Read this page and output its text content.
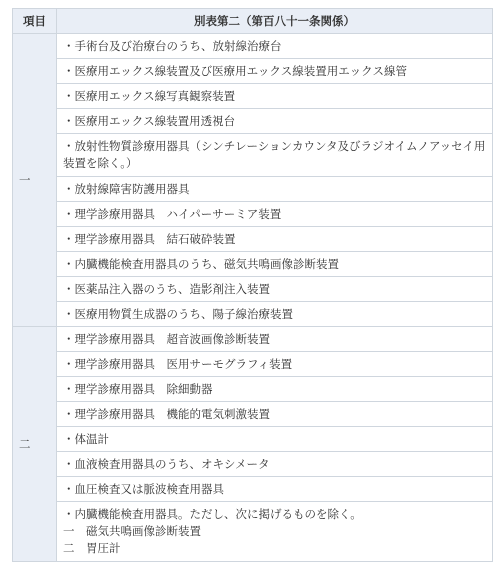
項目	別表第二（第百八十一条関係）
一	・手術台及び治療台のうち、放射線治療台
	・医療用エックス線装置及び医療用エックス線装置用エックス線管
	・医療用エックス線写真観察装置
	・医療用エックス線装置用透視台
	・放射性物質診療用器具（シンチレーションカウンタ及びラジオイムノアッセイ用装置を除く。）
	・放射線障害防護用器具
	・理学診療用器具　ハイパーサーミア装置
	・理学診療用器具　結石破砕装置
	・内臓機能検査用器具のうち、磁気共鳴画像診断装置
	・医薬品注入器のうち、造影剤注入装置
	・医療用物質生成器のうち、陽子線治療装置
二	・理学診療用器具　超音波画像診断装置
	・理学診療用器具　医用サーモグラフィ装置
	・理学診療用器具　除細動器
	・理学診療用器具　機能的電気刺激装置
	・体温計
	・血液検査用器具のうち、オキシメータ
	・血圧検査又は脈波検査用器具

	・内臓機能検査用器具。ただし、次に掲げるものを除く。
一　磁気共鳴画像診断装置
二　胃圧計
